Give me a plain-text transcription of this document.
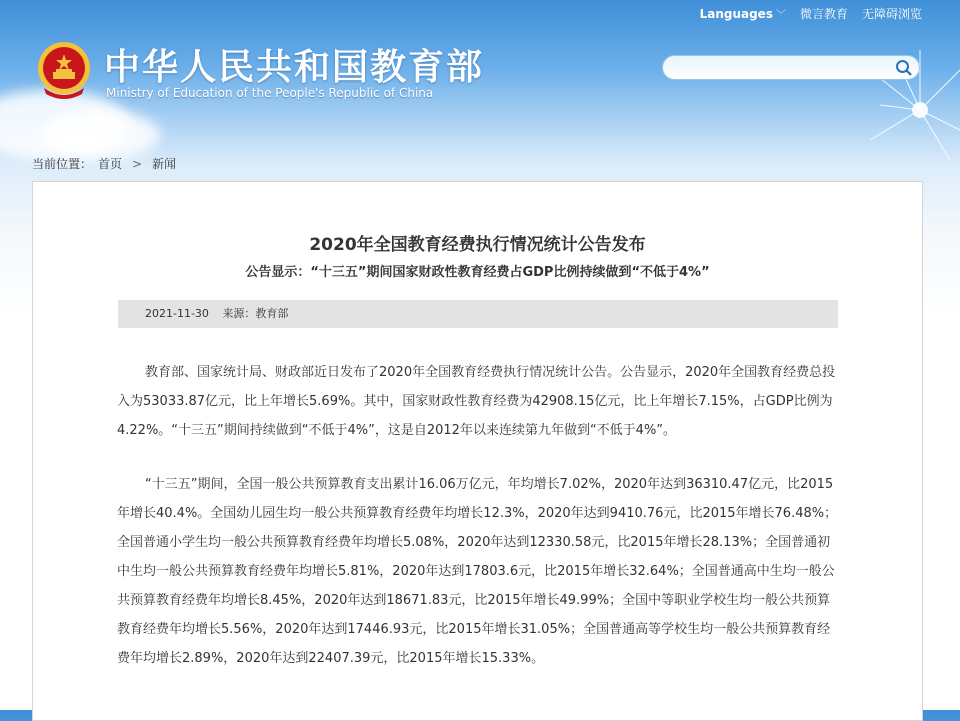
Languages ﹀ 微言教育 无障碍浏览
中华人民共和国教育部
Ministry of Education of the People's Republic of China
当前位置： 首页 > 新闻
2020年全国教育经费执行情况统计公告发布
公告显示：“十三五”期间国家财政性教育经费占GDP比例持续做到“不低于4%”
2021-11-30 来源：教育部

教育部、国家统计局、财政部近日发布了2020年全国教育经费执行情况统计公告。公告显示，2020年全国教育经费总投入为53033.87亿元，比上年增长5.69%。其中，国家财政性教育经费为42908.15亿元，比上年增长7.15%，占GDP比例为4.22%。“十三五”期间持续做到“不低于4%”，这是自2012年以来连续第九年做到“不低于4%”。

“十三五”期间，全国一般公共预算教育支出累计16.06万亿元，年均增长7.02%，2020年达到36310.47亿元，比2015年增长40.4%。全国幼儿园生均一般公共预算教育经费年均增长12.3%，2020年达到9410.76元，比2015年增长76.48%；全国普通小学生均一般公共预算教育经费年均增长5.08%，2020年达到12330.58元，比2015年增长28.13%；全国普通初中生均一般公共预算教育经费年均增长5.81%，2020年达到17803.6元，比2015年增长32.64%；全国普通高中生均一般公共预算教育经费年均增长8.45%，2020年达到18671.83元，比2015年增长49.99%；全国中等职业学校生均一般公共预算教育经费年均增长5.56%，2020年达到17446.93元，比2015年增长31.05%；全国普通高等学校生均一般公共预算教育经费年均增长2.89%，2020年达到22407.39元，比2015年增长15.33%。
